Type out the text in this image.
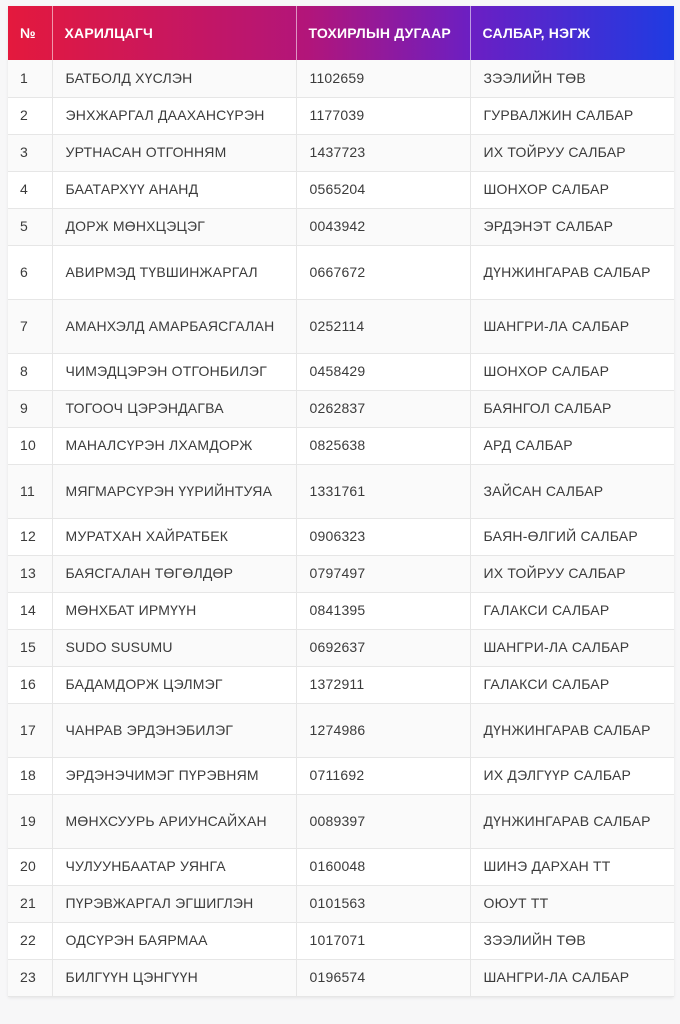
№	ХАРИЛЦАГЧ	ТОХИРЛЫН ДУГААР	САЛБАР, НЭГЖ
1	БАТБОЛД ХҮСЛЭН	1102659	ЗЭЭЛИЙН ТӨВ
2	ЭНХЖАРГАЛ ДААХАНСҮРЭН	1177039	ГУРВАЛЖИН САЛБАР
3	УРТНАСАН ОТГОННЯМ	1437723	ИХ ТОЙРУУ САЛБАР
4	БААТАРХҮҮ АНАНД	0565204	ШОНХОР САЛБАР
5	ДОРЖ МӨНХЦЭЦЭГ	0043942	ЭРДЭНЭТ САЛБАР
6	АВИРМЭД ТҮВШИНЖАРГАЛ	0667672	ДҮНЖИНГАРАВ САЛБАР
7	АМАНХЭЛД АМАРБАЯСГАЛАН	0252114	ШАНГРИ-ЛА САЛБАР
8	ЧИМЭДЦЭРЭН ОТГОНБИЛЭГ	0458429	ШОНХОР САЛБАР
9	ТОГООЧ ЦЭРЭНДАГВА	0262837	БАЯНГОЛ САЛБАР
10	МАНАЛСҮРЭН ЛХАМДОРЖ	0825638	АРД САЛБАР
11	МЯГМАРСҮРЭН ҮҮРИЙНТУЯА	1331761	ЗАЙСАН САЛБАР
12	МУРАТХАН ХАЙРАТБЕК	0906323	БАЯН-ӨЛГИЙ САЛБАР
13	БАЯСГАЛАН ТӨГӨЛДӨР	0797497	ИХ ТОЙРУУ САЛБАР
14	МӨНХБАТ ИРМҮҮН	0841395	ГАЛАКСИ САЛБАР
15	SUDO SUSUMU	0692637	ШАНГРИ-ЛА САЛБАР
16	БАДАМДОРЖ ЦЭЛМЭГ	1372911	ГАЛАКСИ САЛБАР
17	ЧАНРАВ ЭРДЭНЭБИЛЭГ	1274986	ДҮНЖИНГАРАВ САЛБАР
18	ЭРДЭНЭЧИМЭГ ПҮРЭВНЯМ	0711692	ИХ ДЭЛГҮҮР САЛБАР
19	МӨНХСУУРЬ АРИУНСАЙХАН	0089397	ДҮНЖИНГАРАВ САЛБАР
20	ЧУЛУУНБААТАР УЯНГА	0160048	ШИНЭ ДАРХАН ТТ
21	ПҮРЭВЖАРГАЛ ЭГШИГЛЭН	0101563	ОЮУТ ТТ
22	ОДСҮРЭН БАЯРМАА	1017071	ЗЭЭЛИЙН ТӨВ
23	БИЛГҮҮН ЦЭНГҮҮН	0196574	ШАНГРИ-ЛА САЛБАР
